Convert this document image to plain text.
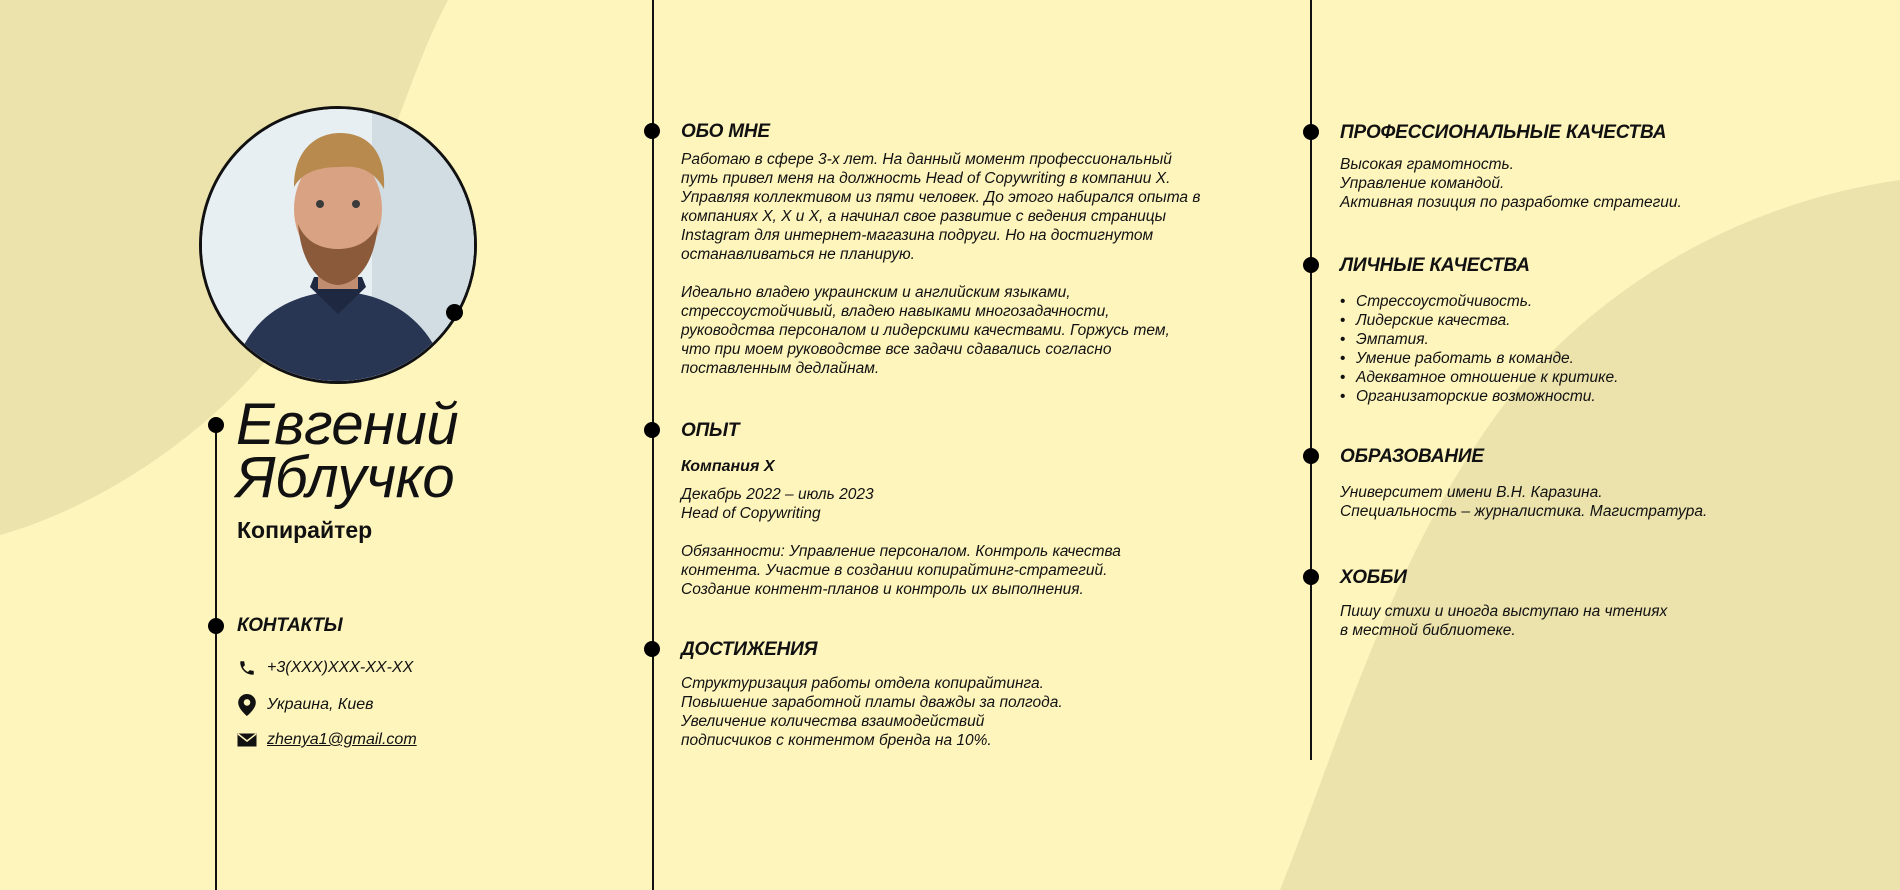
Евгений
Яблучко
Копирайтер
КОНТАКТЫ
+3(XXX)XXX-XX-XX
Украина, Киев
zhenya1@gmail.com
ОБО МНЕ

Работаю в сфере 3-х лет. На данный момент профессиональный путь привел меня на должность Head of Copywriting в компании X. Управляя коллективом из пяти человек. До этого набирался опыта в компаниях X, X и X, а начинал свое развитие с ведения страницы Instagram для интернет-магазина подруги. Но на достигнутом останавливаться не планирую.

Идеально владею украинским и английским языками, стрессоустойчивый, владею навыками многозадачности, руководства персоналом и лидерскими качествами. Горжусь тем, что при моем руководстве все задачи сдавались согласно поставленным дедлайнам.

ОПЫТ
Компания X
Декабрь 2022 – июль 2023
Head of Copywriting

Обязанности: Управление персоналом. Контроль качества контента. Участие в создании копирайтинг-стратегий. Создание контент-планов и контроль их выполнения.

ДОСТИЖЕНИЯ
Структуризация работы отдела копирайтинга.
Повышение заработной платы дважды за полгода.
Увеличение количества взаимодействий
подписчиков с контентом бренда на 10%.
ПРОФЕССИОНАЛЬНЫЕ КАЧЕСТВА
Высокая грамотность.
Управление командой.
Активная позиция по разработке стратегии.
ЛИЧНЫЕ КАЧЕСТВА
• Стрессоустойчивость.
• Лидерские качества.
• Эмпатия.
• Умение работать в команде.
• Адекватное отношение к критике.
• Организаторские возможности.
ОБРАЗОВАНИЕ
Университет имени В.Н. Каразина.
Специальность – журналистика. Магистратура.
ХОББИ
Пишу стихи и иногда выступаю на чтениях
в местной библиотеке.
